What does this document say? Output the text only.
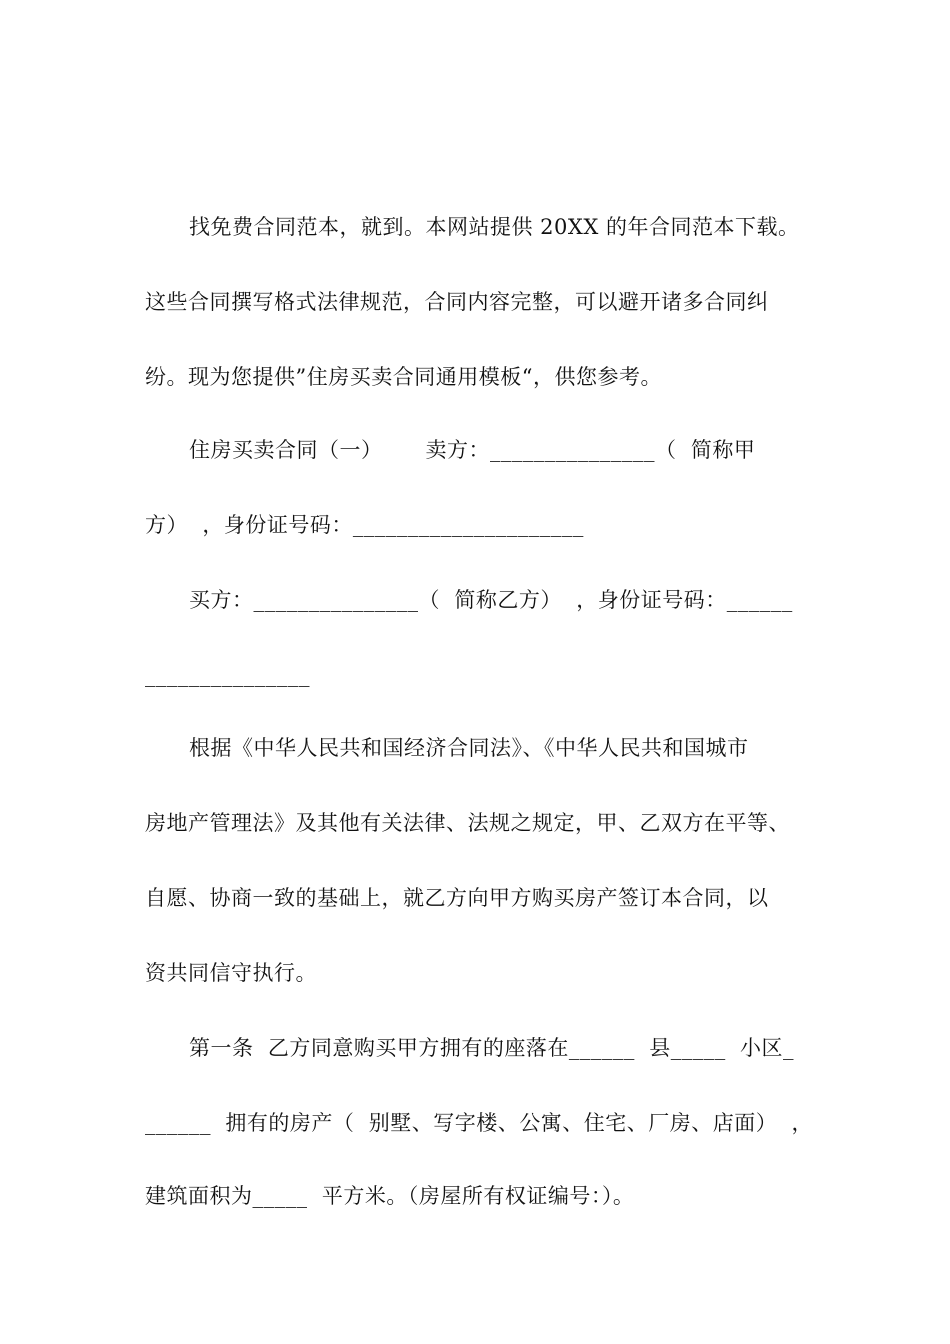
找免费合同范本，就到。本网站提供 20XX 的年合同范本下载。
这些合同撰写格式法律规范，合同内容完整，可以避开诸多合同纠
纷。现为您提供”住房买卖合同通用模板“，供您参考。
住房买卖合同（一）      卖方：_______________（  简称甲
方）  ，身份证号码：_____________________
买方：_______________（  简称乙方）  ，身份证号码：______
_______________
根据《中华人民共和国经济合同法》、《中华人民共和国城市
房地产管理法》及其他有关法律、法规之规定，甲、乙双方在平等、
自愿、协商一致的基础上，就乙方向甲方购买房产签订本合同，以
资共同信守执行。
第一条  乙方同意购买甲方拥有的座落在______  县_____  小区_
______  拥有的房产（  别墅、写字楼、公寓、住宅、厂房、店面）  ，
建筑面积为_____  平方米。（房屋所有权证编号：）。
